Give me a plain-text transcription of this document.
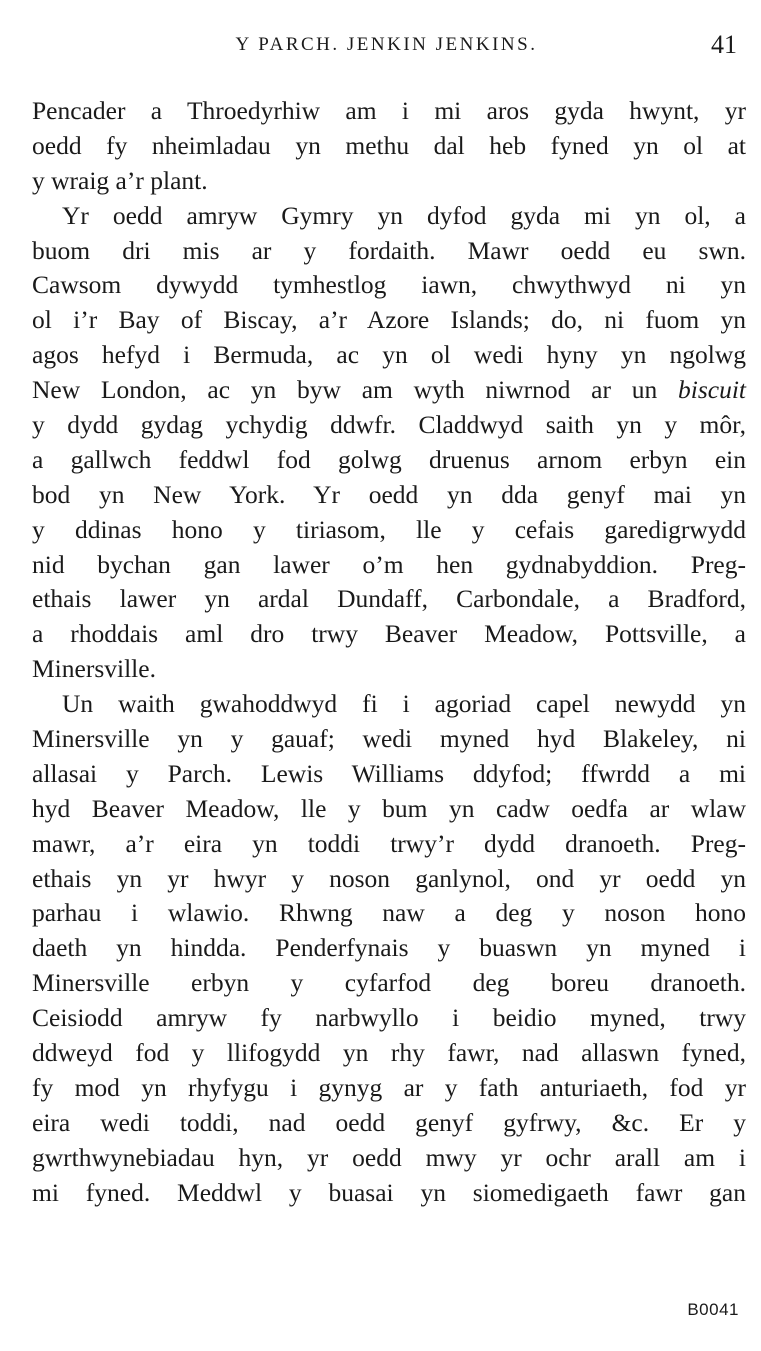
Y PARCH. JENKIN JENKINS.	41
Pencader a Throedyrhiw am i mi aros gyda hwynt, yr
oedd fy nheimladau yn methu dal heb fyned yn ol at
y wraig a’r plant.
Yr oedd amryw Gymry yn dyfod gyda mi yn ol, a
buom dri mis ar y fordaith. Mawr oedd eu swn.
Cawsom dywydd tymhestlog iawn, chwythwyd ni yn
ol i’r Bay of Biscay, a’r Azore Islands; do, ni fuom yn
agos hefyd i Bermuda, ac yn ol wedi hyny yn ngolwg
New London, ac yn byw am wyth niwrnod ar un biscuit
y dydd gydag ychydig ddwfr. Claddwyd saith yn y môr,
a gallwch feddwl fod golwg druenus arnom erbyn ein
bod yn New York. Yr oedd yn dda genyf mai yn
y ddinas hono y tiriasom, lle y cefais garedigrwydd
nid bychan gan lawer o’m hen gydnabyddion. Preg-
ethais lawer yn ardal Dundaff, Carbondale, a Bradford,
a rhoddais aml dro trwy Beaver Meadow, Pottsville, a
Minersville.
Un waith gwahoddwyd fi i agoriad capel newydd yn
Minersville yn y gauaf; wedi myned hyd Blakeley, ni
allasai y Parch. Lewis Williams ddyfod; ffwrdd a mi
hyd Beaver Meadow, lle y bum yn cadw oedfa ar wlaw
mawr, a’r eira yn toddi trwy’r dydd dranoeth. Preg-
ethais yn yr hwyr y noson ganlynol, ond yr oedd yn
parhau i wlawio. Rhwng naw a deg y noson hono
daeth yn hindda. Penderfynais y buaswn yn myned i
Minersville erbyn y cyfarfod deg boreu dranoeth.
Ceisiodd amryw fy narbwyllo i beidio myned, trwy
ddweyd fod y llifogydd yn rhy fawr, nad allaswn fyned,
fy mod yn rhyfygu i gynyg ar y fath anturiaeth, fod yr
eira wedi toddi, nad oedd genyf gyfrwy, &c. Er y
gwrthwynebiadau hyn, yr oedd mwy yr ochr arall am i
mi fyned. Meddwl y buasai yn siomedigaeth fawr gan
B0041
